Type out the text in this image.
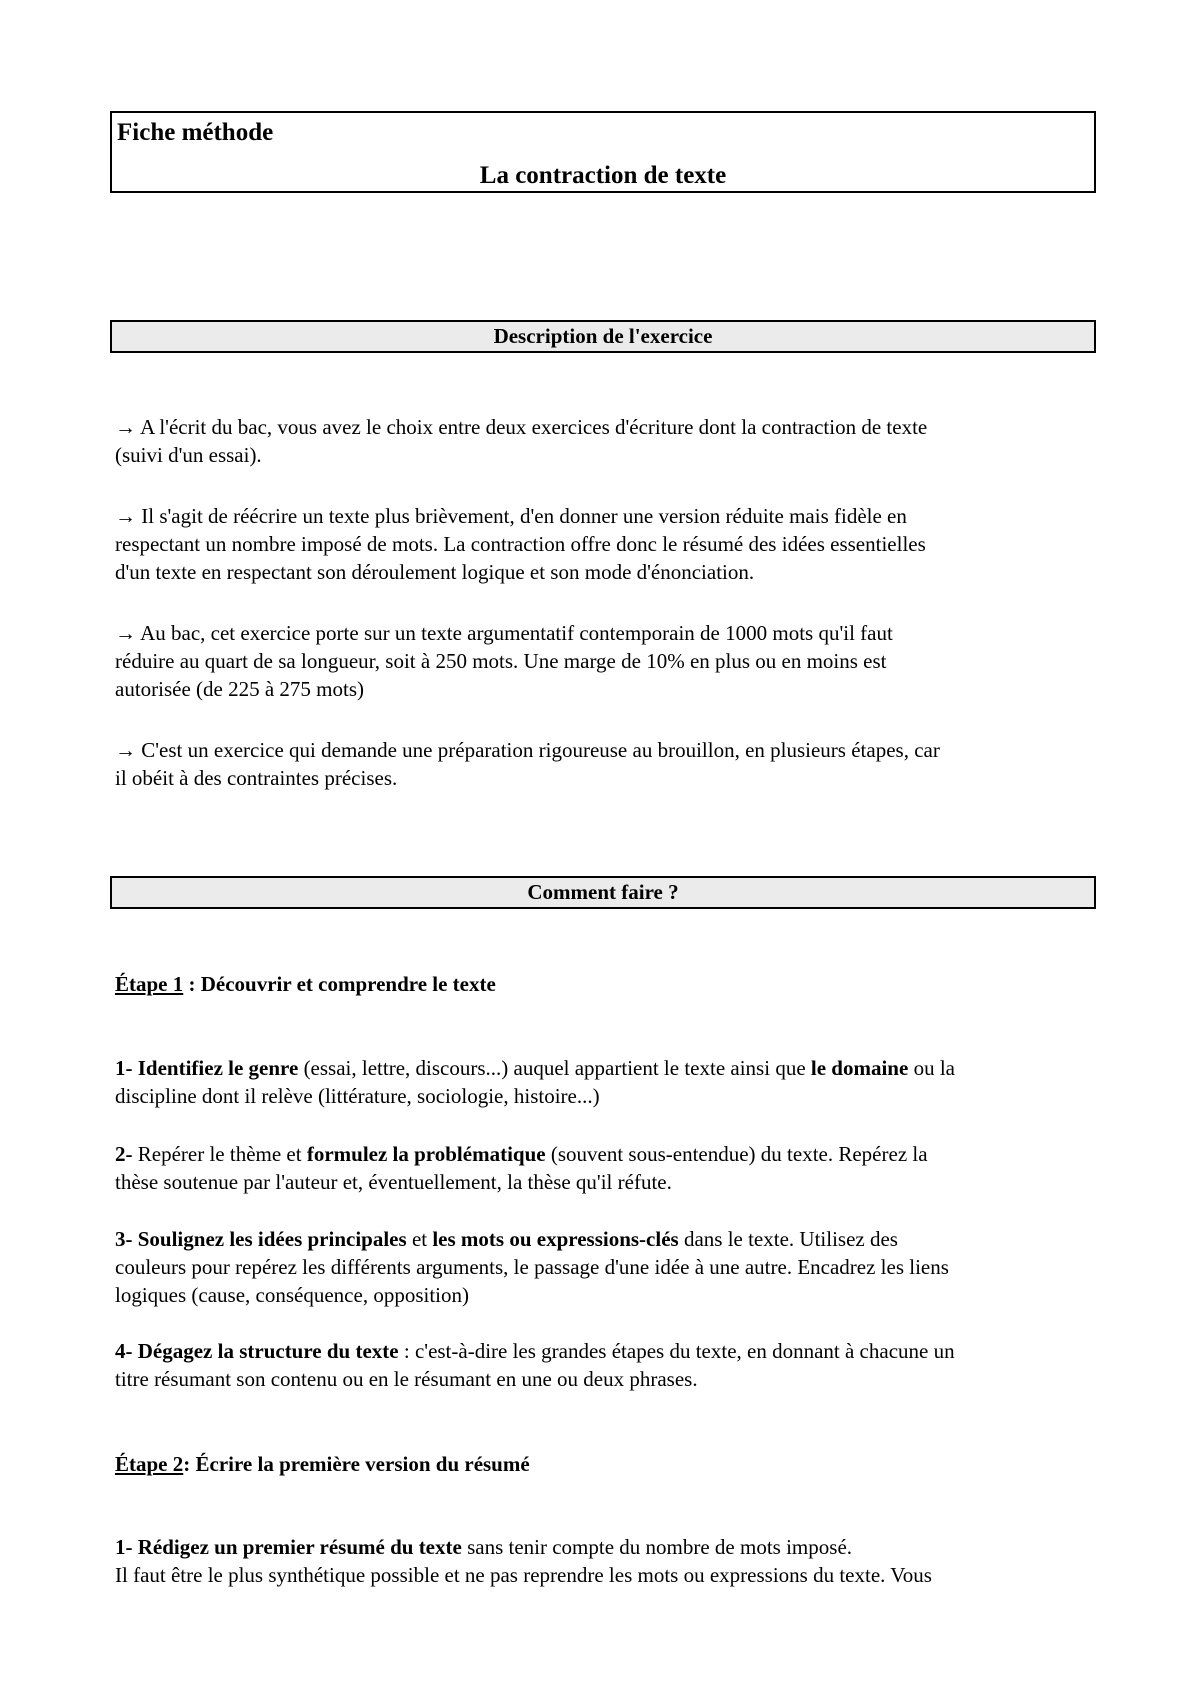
Fiche méthode
La contraction de texte
Description de l'exercice
→ A l'écrit du bac, vous avez le choix entre deux exercices d'écriture dont la contraction de texte
(suivi d'un essai).
→ Il s'agit de réécrire un texte plus brièvement, d'en donner une version réduite mais fidèle en
respectant un nombre imposé de mots. La contraction offre donc le résumé des idées essentielles
d'un texte en respectant son déroulement logique et son mode d'énonciation.
→ Au bac, cet exercice porte sur un texte argumentatif contemporain de 1000 mots qu'il faut
réduire au quart de sa longueur, soit à 250 mots. Une marge de 10% en plus ou en moins est
autorisée (de 225 à 275 mots)
→ C'est un exercice qui demande une préparation rigoureuse au brouillon, en plusieurs étapes, car
il obéit à des contraintes précises.
Comment faire ?
Étape 1 : Découvrir et comprendre le texte
1- Identifiez le genre (essai, lettre, discours...) auquel appartient le texte ainsi que le domaine ou la
discipline dont il relève (littérature, sociologie, histoire...)
2- Repérer le thème et formulez la problématique (souvent sous-entendue) du texte. Repérez la
thèse soutenue par l'auteur et, éventuellement, la thèse qu'il réfute.
3- Soulignez les idées principales et les mots ou expressions-clés dans le texte. Utilisez des
couleurs pour repérez les différents arguments, le passage d'une idée à une autre. Encadrez les liens
logiques (cause, conséquence, opposition)
4- Dégagez la structure du texte : c'est-à-dire les grandes étapes du texte, en donnant à chacune un
titre résumant son contenu ou en le résumant en une ou deux phrases.
Étape 2: Écrire la première version du résumé
1- Rédigez un premier résumé du texte sans tenir compte du nombre de mots imposé.
Il faut être le plus synthétique possible et ne pas reprendre les mots ou expressions du texte. Vous
